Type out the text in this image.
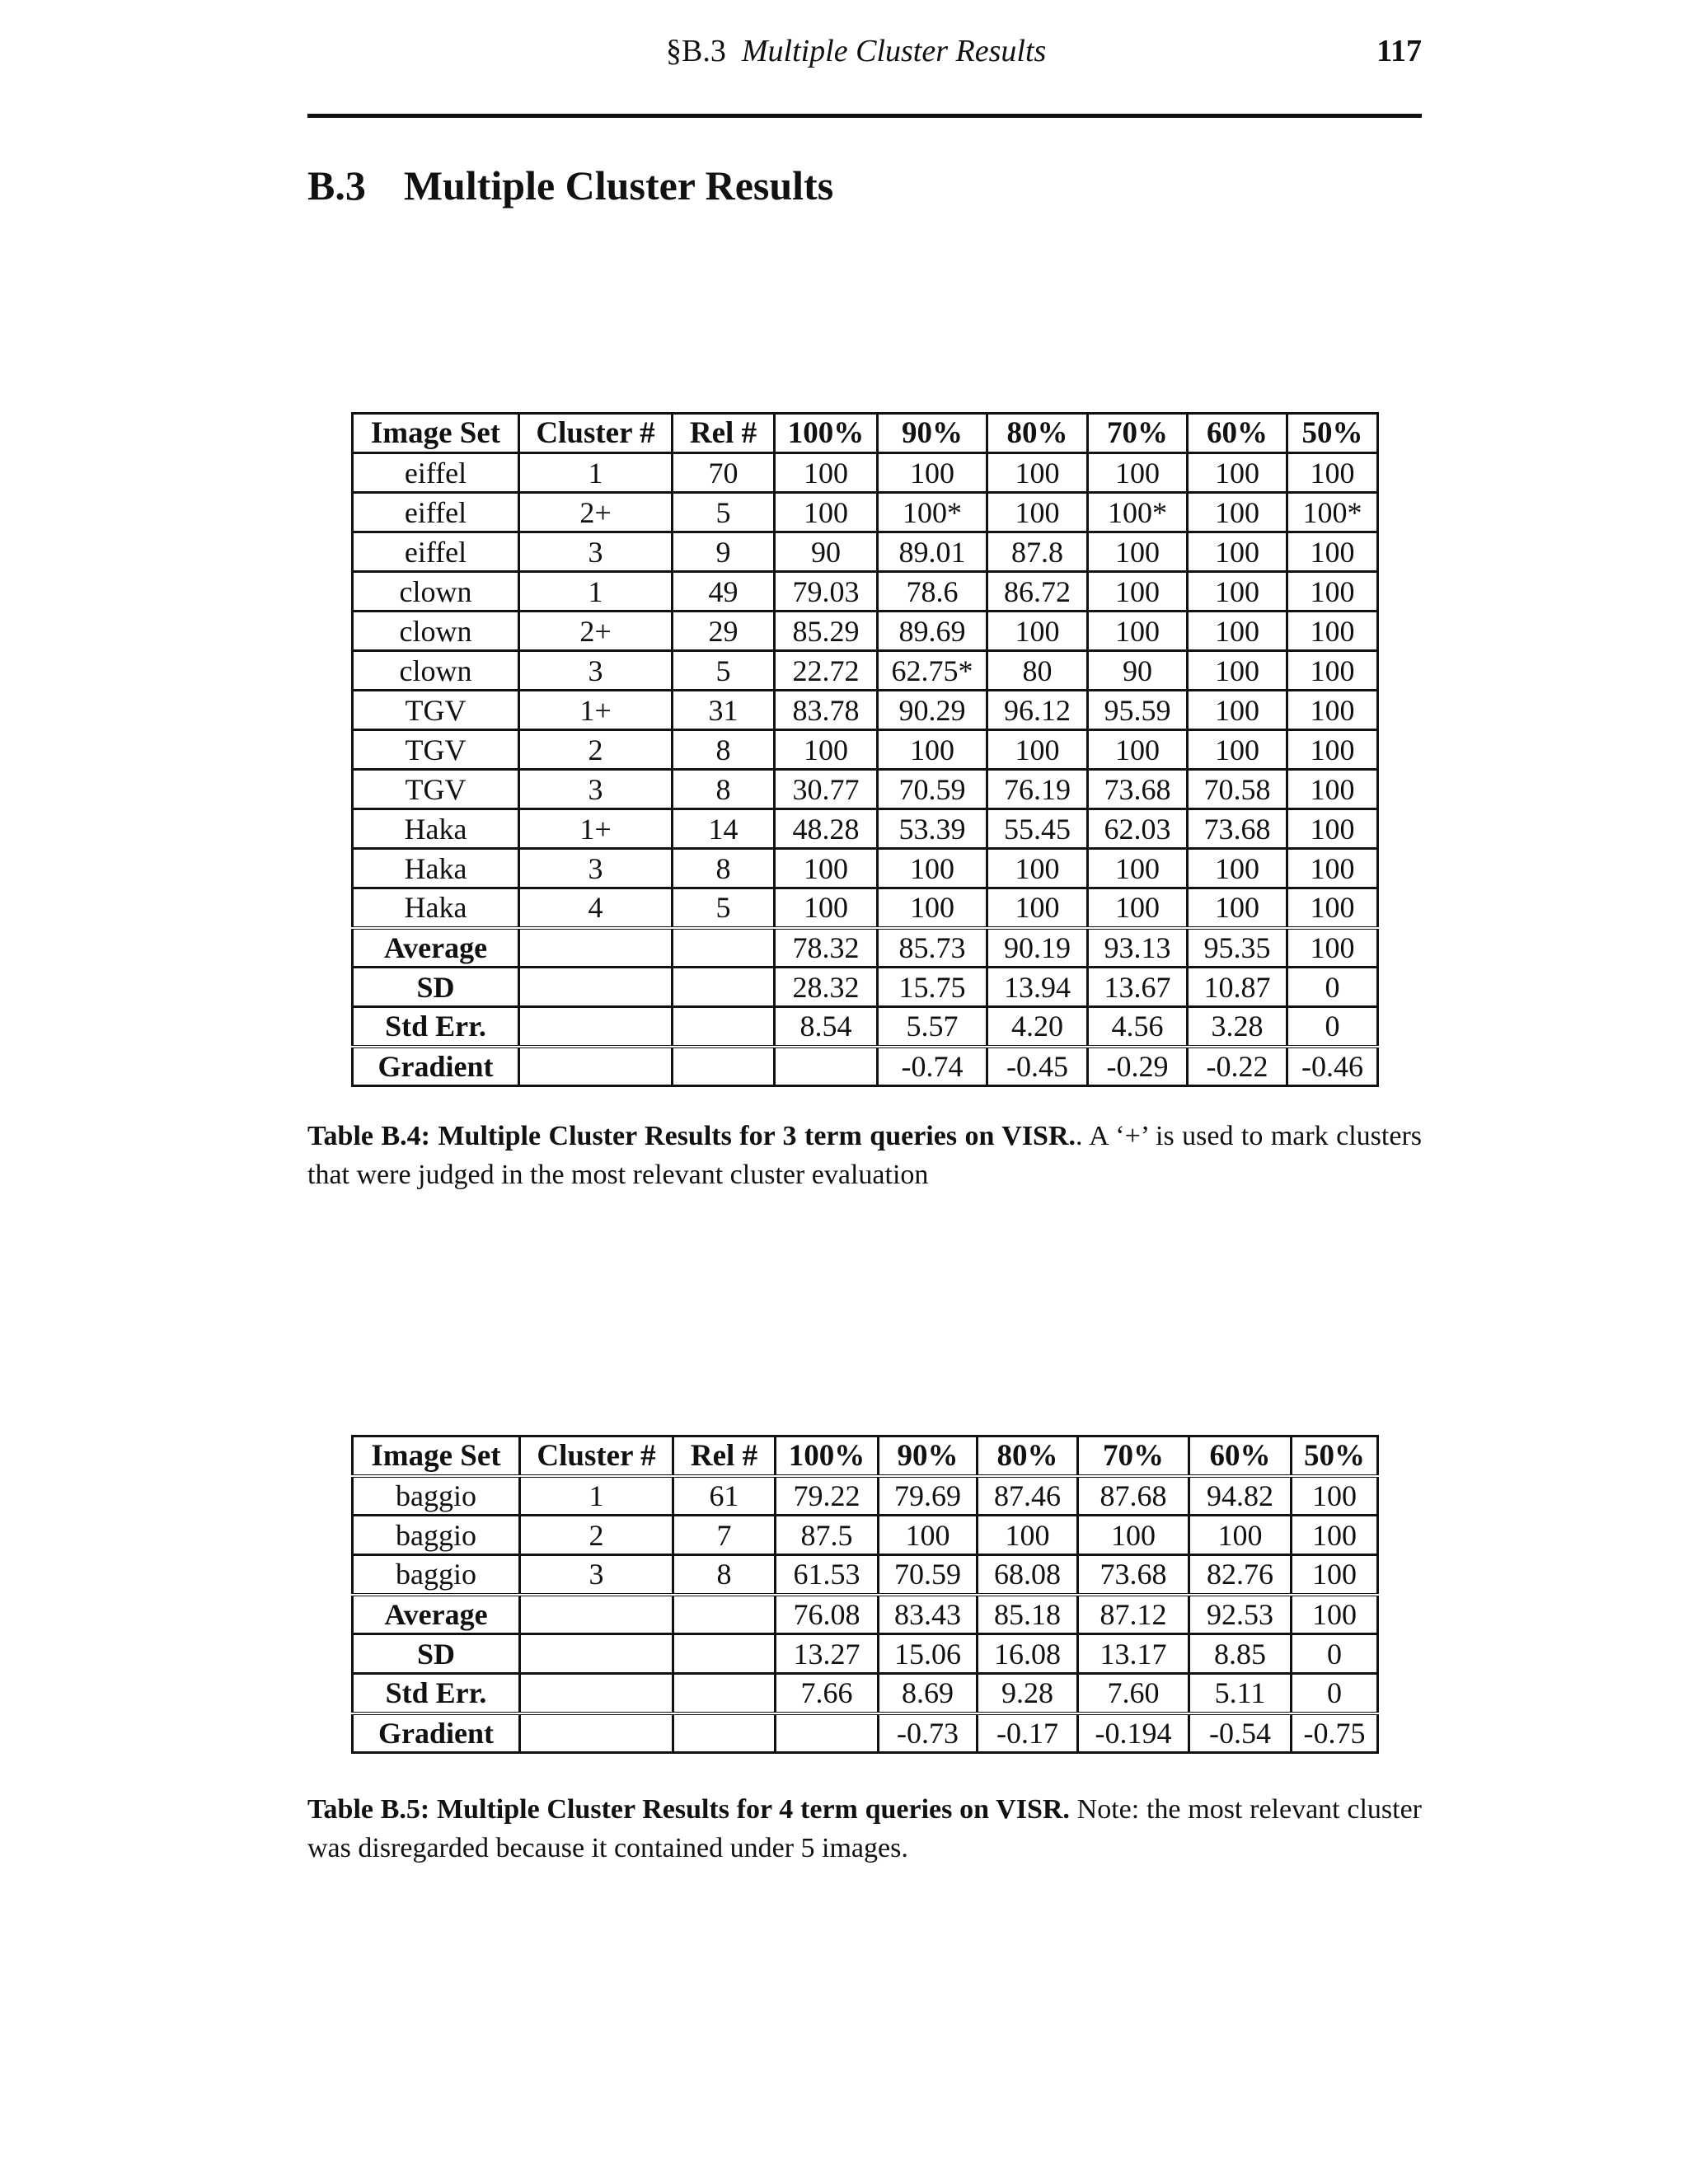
§B.3 Multiple Cluster Results	117
B.3 Multiple Cluster Results
Image Set	Cluster #	Rel #	100%	90%	80%	70%	60%	50%
eiffel	1	70	100	100	100	100	100	100
eiffel	2+	5	100	100*	100	100*	100	100*
eiffel	3	9	90	89.01	87.8	100	100	100
clown	1	49	79.03	78.6	86.72	100	100	100
clown	2+	29	85.29	89.69	100	100	100	100
clown	3	5	22.72	62.75*	80	90	100	100
TGV	1+	31	83.78	90.29	96.12	95.59	100	100
TGV	2	8	100	100	100	100	100	100
TGV	3	8	30.77	70.59	76.19	73.68	70.58	100
Haka	1+	14	48.28	53.39	55.45	62.03	73.68	100
Haka	3	8	100	100	100	100	100	100
Haka	4	5	100	100	100	100	100	100
Average			78.32	85.73	90.19	93.13	95.35	100
SD			28.32	15.75	13.94	13.67	10.87	0
Std Err.			8.54	5.57	4.20	4.56	3.28	0
Gradient				-0.74	-0.45	-0.29	-0.22	-0.46
Table B.4: Multiple Cluster Results for 3 term queries on VISR.. A ‘+’ is used to mark clusters that were judged in the most relevant cluster evaluation
Image Set	Cluster #	Rel #	100%	90%	80%	70%	60%	50%
baggio	1	61	79.22	79.69	87.46	87.68	94.82	100
baggio	2	7	87.5	100	100	100	100	100
baggio	3	8	61.53	70.59	68.08	73.68	82.76	100
Average			76.08	83.43	85.18	87.12	92.53	100
SD			13.27	15.06	16.08	13.17	8.85	0
Std Err.			7.66	8.69	9.28	7.60	5.11	0
Gradient				-0.73	-0.17	-0.194	-0.54	-0.75
Table B.5: Multiple Cluster Results for 4 term queries on VISR. Note: the most relevant cluster was disregarded because it contained under 5 images.
